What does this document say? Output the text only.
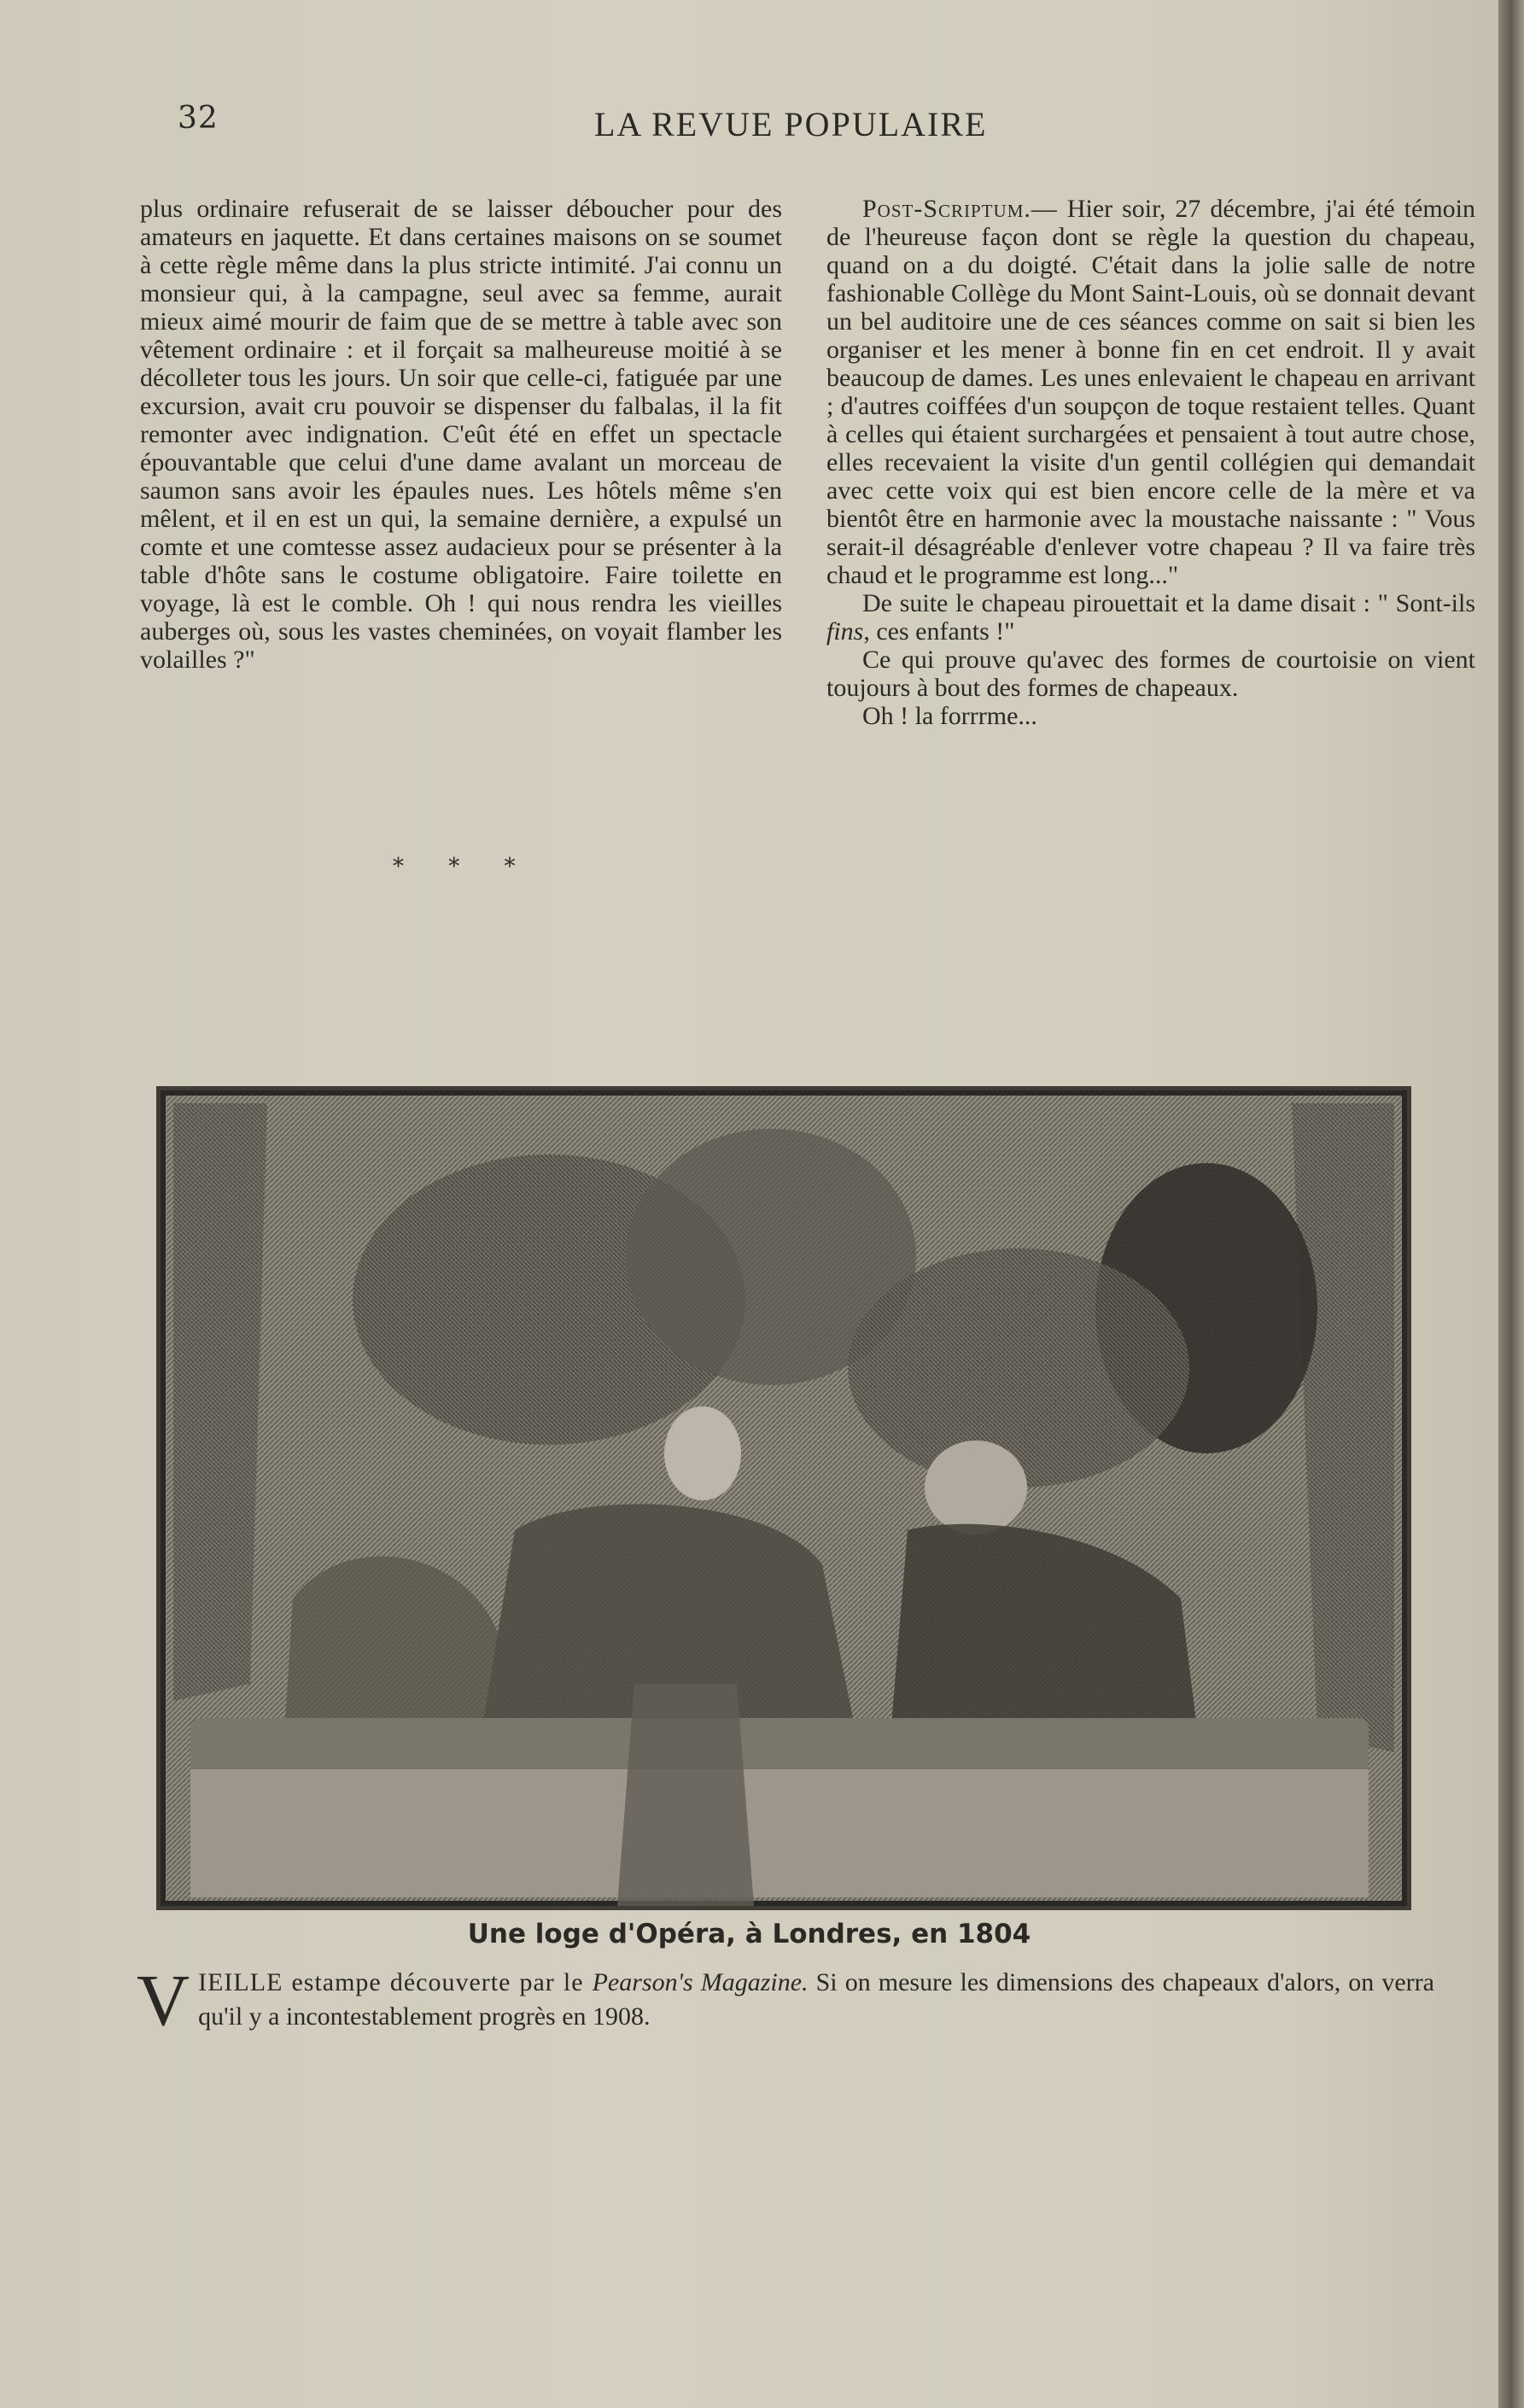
32	LA REVUE POPULAIRE

plus ordinaire refuserait de se laisser déboucher pour des amateurs en jaquette. Et dans certaines maisons on se soumet à cette règle même dans la plus stricte intimité. J'ai connu un monsieur qui, à la campagne, seul avec sa femme, aurait mieux aimé mourir de faim que de se mettre à table avec son vêtement ordinaire : et il forçait sa malheureuse moitié à se décolleter tous les jours. Un soir que celle-ci, fatiguée par une excursion, avait cru pouvoir se dispenser du falbalas, il la fit remonter avec indignation. C'eût été en effet un spectacle épouvantable que celui d'une dame avalant un morceau de saumon sans avoir les épaules nues. Les hôtels même s'en mêlent, et il en est un qui, la semaine dernière, a expulsé un comte et une comtesse assez audacieux pour se présenter à la table d'hôte sans le costume obligatoire. Faire toilette en voyage, là est le comble. Oh ! qui nous rendra les vieilles auberges où, sous les vastes cheminées, on voyait flamber les volailles ?"

* * *

Post-Scriptum.— Hier soir, 27 décembre, j'ai été témoin de l'heureuse façon dont se règle la question du chapeau, quand on a du doigté. C'était dans la jolie salle de notre fashionable Collège du Mont Saint-Louis, où se donnait devant un bel auditoire une de ces séances comme on sait si bien les organiser et les mener à bonne fin en cet endroit. Il y avait beaucoup de dames. Les unes enlevaient le chapeau en arrivant ; d'autres coiffées d'un soupçon de toque restaient telles. Quant à celles qui étaient surchargées et pensaient à tout autre chose, elles recevaient la visite d'un gentil collégien qui demandait avec cette voix qui est bien encore celle de la mère et va bientôt être en harmonie avec la moustache naissante : " Vous serait-il désagréable d'enlever votre chapeau ? Il va faire très chaud et le programme est long..."

De suite le chapeau pirouettait et la dame disait : " Sont-ils fins, ces enfants !"

Ce qui prouve qu'avec des formes de courtoisie on vient toujours à bout des formes de chapeaux.

Oh ! la forrrme...

Une loge d'Opéra, à Londres, en 1804
VIEILLE estampe découverte par le Pearson's Magazine. Si on mesure les dimensions des chapeaux d'alors, on verra qu'il y a incontestablement progrès en 1908.
